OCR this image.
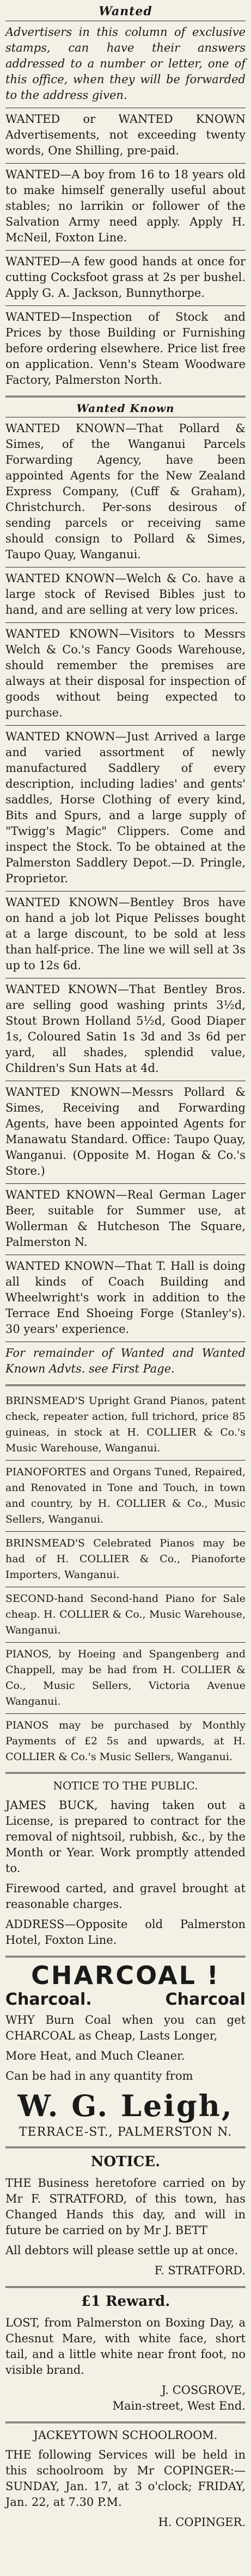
Wanted
Advertisers in this column of exclusive stamps, can have their answers addressed to a number or letter, one of this office, when they will be forwarded to the address given.
WANTED or WANTED KNOWN Advertisements, not exceeding twenty words, One Shilling, pre-paid.
WANTED—A boy from 16 to 18 years old to make himself generally useful about stables; no larrikin or follower of the Salvation Army need apply. Apply H. McNeil, Foxton Line.
WANTED—A few good hands at once for cutting Cocksfoot grass at 2s per bushel. Apply G. A. Jackson, Bunnythorpe.
WANTED—Inspection of Stock and Prices by those Building or Furnishing before ordering elsewhere. Price list free on application. Venn's Steam Woodware Factory, Palmerston North.
Wanted Known
WANTED KNOWN—That Pollard & Simes, of the Wanganui Parcels Forwarding Agency, have been appointed Agents for the New Zealand Express Company, (Cuff & Graham), Christchurch. Per-sons desirous of sending parcels or receiving same should consign to Pollard & Simes, Taupo Quay, Wanganui.
WANTED KNOWN—Welch & Co. have a large stock of Revised Bibles just to hand, and are selling at very low prices.
WANTED KNOWN—Visitors to Messrs Welch & Co.'s Fancy Goods Warehouse, should remember the premises are always at their disposal for inspection of goods without being expected to purchase.
WANTED KNOWN—Just Arrived a large and varied assortment of newly manufactured Saddlery of every description, including ladies' and gents' saddles, Horse Clothing of every kind, Bits and Spurs, and a large supply of "Twigg's Magic" Clippers. Come and inspect the Stock. To be obtained at the Palmerston Saddlery Depot.—D. Pringle, Proprietor.
WANTED KNOWN—Bentley Bros have on hand a job lot Pique Pelisses bought at a large discount, to be sold at less than half-price. The line we will sell at 3s up to 12s 6d.
WANTED KNOWN—That Bentley Bros. are selling good washing prints 3½d, Stout Brown Holland 5½d, Good Diaper 1s, Coloured Satin 1s 3d and 3s 6d per yard, all shades, splendid value, Children's Sun Hats at 4d.
WANTED KNOWN—Messrs Pollard & Simes, Receiving and Forwarding Agents, have been appointed Agents for Manawatu Standard. Office: Taupo Quay, Wanganui. (Opposite M. Hogan & Co.'s Store.)
WANTED KNOWN—Real German Lager Beer, suitable for Summer use, at Wollerman & Hutcheson The Square, Palmerston N.
WANTED KNOWN—That T. Hall is doing all kinds of Coach Building and Wheelwright's work in addition to the Terrace End Shoeing Forge (Stanley's). 30 years' experience.
For remainder of Wanted and Wanted Known Advts. see First Page.
BRINSMEAD'S Upright Grand Pianos, patent check, repeater action, full trichord, price 85 guineas, in stock at H. COLLIER & Co.'s Music Warehouse, Wanganui.
PIANOFORTES and Organs Tuned, Repaired, and Renovated in Tone and Touch, in town and country, by H. COLLIER & Co., Music Sellers, Wanganui.
BRINSMEAD'S Celebrated Pianos may be had of H. COLLIER & Co., Pianoforte Importers, Wanganui.
SECOND-hand Second-hand Piano for Sale cheap. H. COLLIER & Co., Music Warehouse, Wanganui.
PIANOS, by Hoeing and Spangenberg and Chappell, may be had from H. COLLIER & Co., Music Sellers, Victoria Avenue Wanganui.
PIANOS may be purchased by Monthly Payments of £2 5s and upwards, at H. COLLIER & Co.'s Music Sellers, Wanganui.
NOTICE TO THE PUBLIC.
JAMES BUCK, having taken out a License, is prepared to contract for the removal of nightsoil, rubbish, &c., by the Month or Year. Work promptly attended to.
Firewood carted, and gravel brought at reasonable charges.
ADDRESS—Opposite old Palmerston Hotel, Foxton Line.
CHARCOAL !
Charcoal.	Charcoal
WHY Burn Coal when you can get CHARCOAL as Cheap, Lasts Longer,
More Heat, and Much Cleaner.
Can be had in any quantity from
W. G. Leigh,
TERRACE-ST., PALMERSTON N.
NOTICE.
THE Business heretofore carried on by Mr F. STRATFORD, of this town, has Changed Hands this day, and will in future be carried on by Mr J. BETT
All debtors will please settle up at once.
F. STRATFORD.
£1 Reward.
LOST, from Palmerston on Boxing Day, a Chesnut Mare, with white face, short tail, and a little white near front foot, no visible brand.
J. COSGROVE,
Main-street, West End.
JACKEYTOWN SCHOOLROOM.
THE following Services will be held in this schoolroom by Mr COPINGER:—SUNDAY, Jan. 17, at 3 o'clock; FRIDAY, Jan. 22, at 7.30 P.M.
H. COPINGER.
